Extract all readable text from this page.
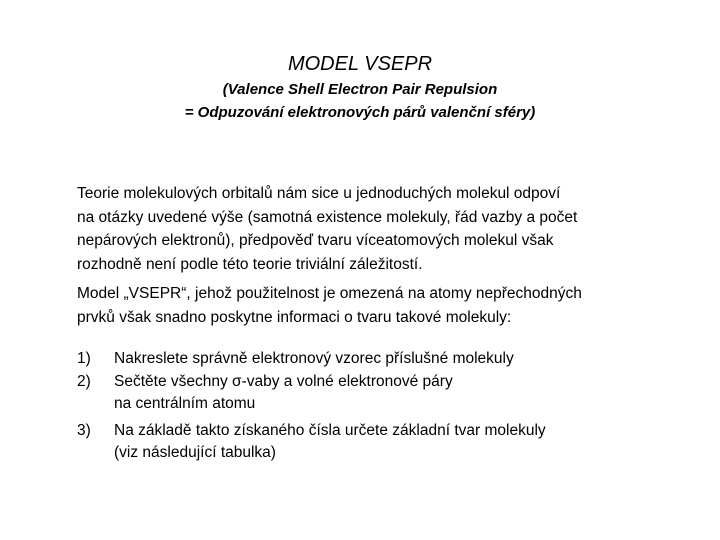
MODEL VSEPR
(Valence Shell Electron Pair Repulsion
= Odpuzování elektronových párů valenční sféry)

Teorie molekulových orbitalů nám sice u jednoduchých molekul odpoví
na otázky uvedené výše (samotná existence molekuly, řád vazby a počet
nepárových elektronů), předpověď tvaru víceatomových molekul však
rozhodně není podle této teorie triviální záležitostí.

Model „VSEPR“, jehož použitelnost je omezená na atomy nepřechodných
prvků však snadno poskytne informaci o tvaru takové molekuly:

1)	Nakreslete správně elektronový vzorec příslušné molekuly
2)	Sečtěte všechny σ-vaby a volné elektronové páry
na centrálním atomu
3)	Na základě takto získaného čísla určete základní tvar molekuly
(viz následující tabulka)
